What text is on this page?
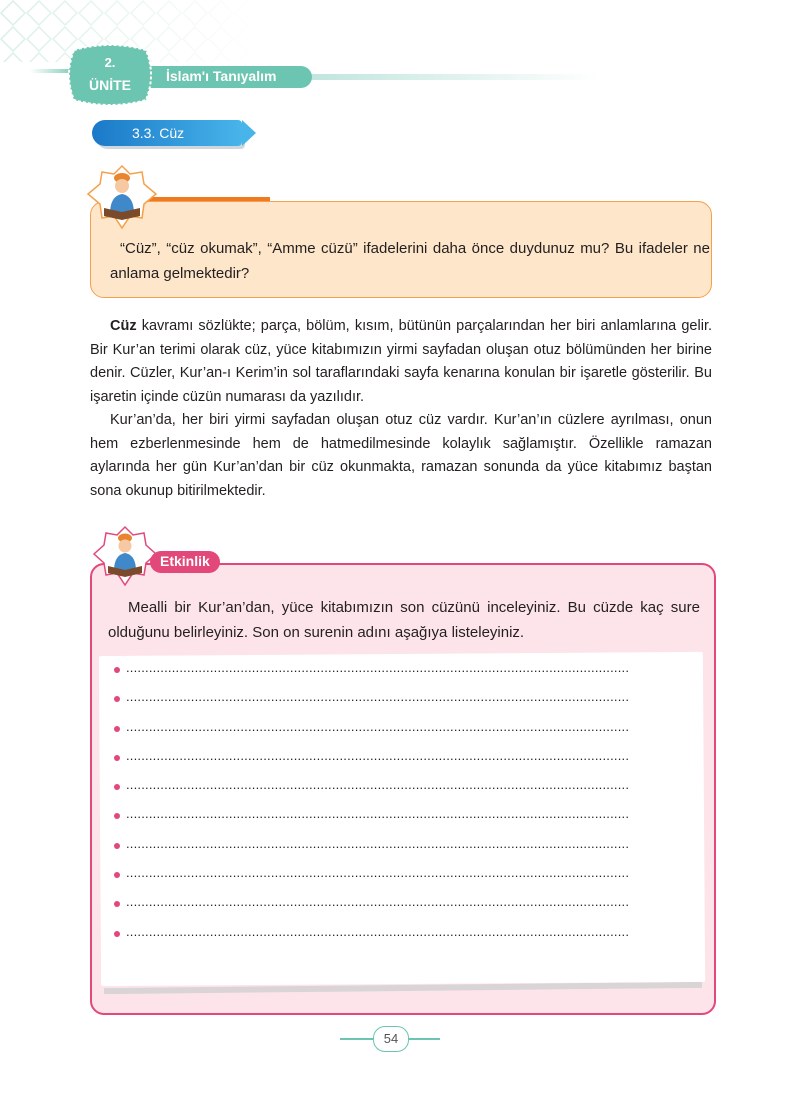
İslam'ı Tanıyalım
2.
ÜNİTE
3.3. Cüz
“Cüz”, “cüz okumak”, “Amme cüzü” ifadelerini daha önce duydunuz mu? Bu ifadeler ne anlama gelmektedir?

Cüz kavramı sözlükte; parça, bölüm, kısım, bütünün parçalarından her biri anlamlarına gelir. Bir Kur’an terimi olarak cüz, yüce kitabımızın yirmi sayfadan oluşan otuz bölümünden her birine denir. Cüzler, Kur’an-ı Kerim’in sol taraflarındaki sayfa kenarına konulan bir işaretle gösterilir. Bu işaretin içinde cüzün numarası da yazılıdır.

Kur’an’da, her biri yirmi sayfadan oluşan otuz cüz vardır. Kur’an’ın cüzlere ayrılması, onun hem ezberlenmesinde hem de hatmedilmesinde kolaylık sağlamıştır. Özellikle ramazan aylarında her gün Kur’an’dan bir cüz okunmakta, ramazan sonunda da yüce kitabımız baştan sona okunup bitirilmektedir.

Etkinlik
Mealli bir Kur’an’dan, yüce kitabımızın son cüzünü inceleyiniz. Bu cüzde kaç sure olduğunu belirleyiniz. Son on surenin adını aşağıya listeleyiniz.
....................................................................................................................................
....................................................................................................................................
....................................................................................................................................
....................................................................................................................................
....................................................................................................................................
....................................................................................................................................
....................................................................................................................................
....................................................................................................................................
....................................................................................................................................
....................................................................................................................................
54
